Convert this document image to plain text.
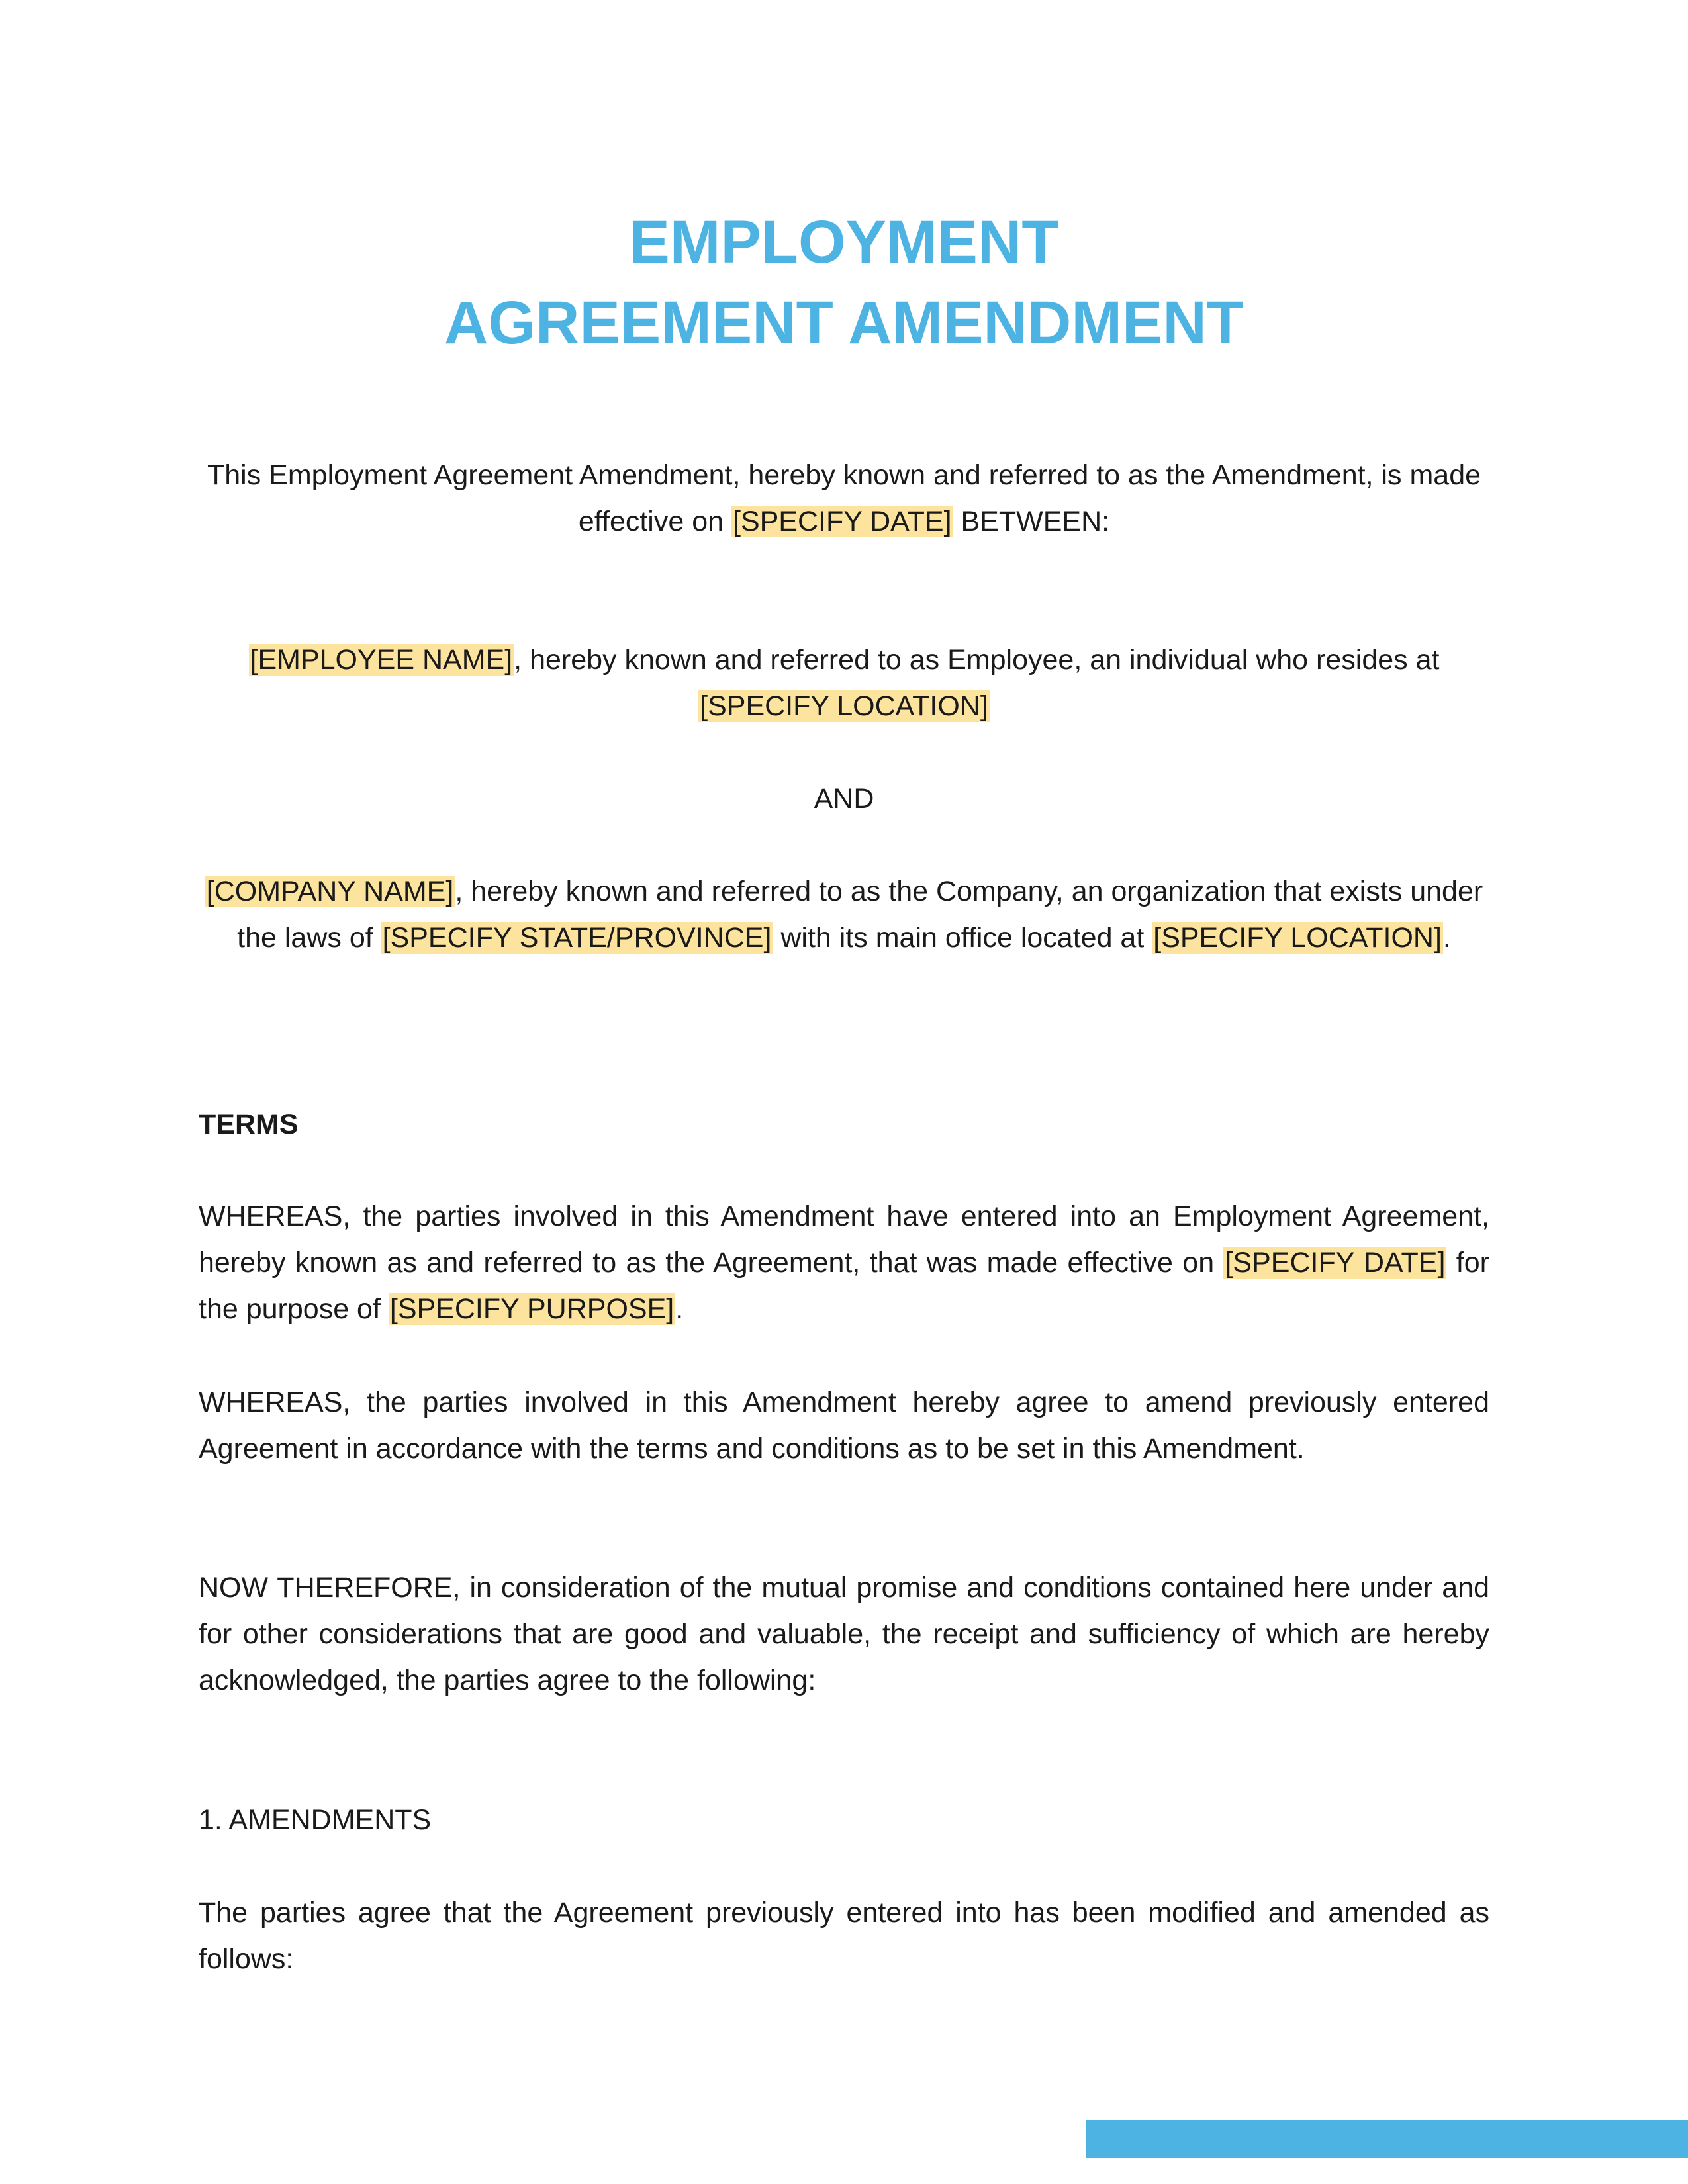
EMPLOYMENT
AGREEMENT AMENDMENT

This Employment Agreement Amendment, hereby known and referred to as the Amendment, is made effective on [SPECIFY DATE] BETWEEN:

[EMPLOYEE NAME], hereby known and referred to as Employee, an individual who resides at [SPECIFY LOCATION]

AND

[COMPANY NAME], hereby known and referred to as the Company, an organization that exists under the laws of [SPECIFY STATE/PROVINCE] with its main office located at [SPECIFY LOCATION].

TERMS

WHEREAS, the parties involved in this Amendment have entered into an Employment Agreement, hereby known as and referred to as the Agreement, that was made effective on [SPECIFY DATE] for the purpose of [SPECIFY PURPOSE].

WHEREAS, the parties involved in this Amendment hereby agree to amend previously entered Agreement in accordance with the terms and conditions as to be set in this Amendment.

NOW THEREFORE, in consideration of the mutual promise and conditions contained here under and for other considerations that are good and valuable, the receipt and sufficiency of which are hereby acknowledged, the parties agree to the following:

1. AMENDMENTS

The parties agree that the Agreement previously entered into has been modified and amended as follows:
